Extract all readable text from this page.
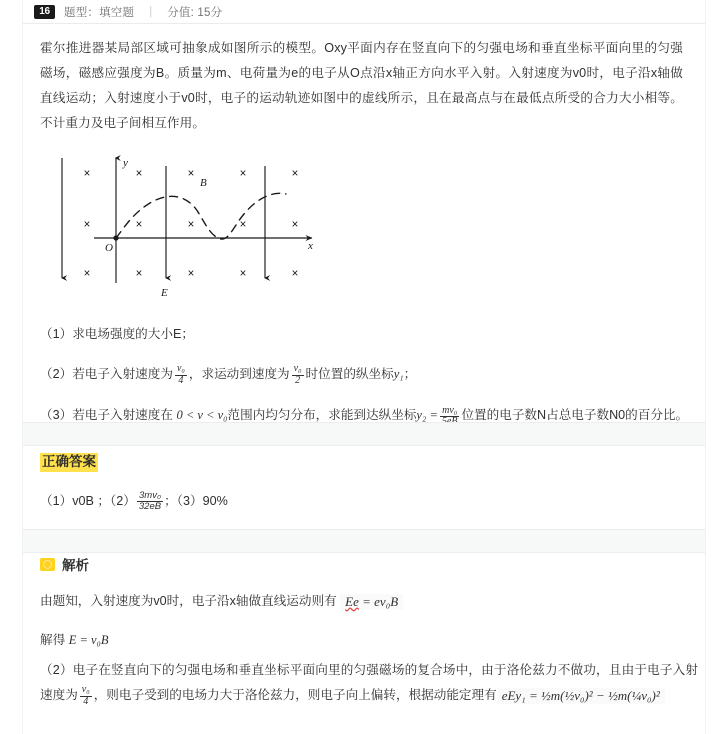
16	题型：填空题 | 分值: 15分
霍尔推进器某局部区域可抽象成如图所示的模型。Oxy平面内存在竖直向下的匀强电场和垂直坐标平面向里的匀强磁场，磁感应强度为B。质量为m、电荷量为e的电子从O点沿x轴正方向水平入射。入射速度为v0时，电子沿x轴做直线运动；入射速度小于v0时，电子的运动轨迹如图中的虚线所示，且在最高点与在最低点所受的合力大小相等。不计重力及电子间相互作用。
×	×	×	×	×
×	×	×	×	×
×	×	×	×	×
y
x
O
E
B
（1）求电场强度的大小E；
（2）若电子入射速度为 $\frac{\text{v₀}}{4}$ ，求运动到速度为 $\frac{\text{v₀}}{2}$ 时位置的纵坐标y₁；
（3）若电子入射速度在 0 < v < v₀范围内均匀分布，求能到达纵坐标y₂ = mv₀ 位置的电子数N占总电子数N0的百分比。
正确答案
（1）v0B ；$(2) \frac{\text{3mv₀}}{32eB}$ ；（3）90%
解析
由题知，入射速度为v0时，电子沿x轴做直线运动则有 Ee = ev₀B
解得 E = v₀B
（2）电子在竖直向下的匀强电场和垂直坐标平面向里的匀强磁场的复合场中，由于洛伦兹力不做功，且由于电子入射速度为 $\frac{\text{v₀}}{4}$ ，则电子受到的电场力大于洛伦兹力，则电子向上偏转，根据动能定理有 eEy₁ = ½m(½v₀)² − ½m(¼v₀)²
